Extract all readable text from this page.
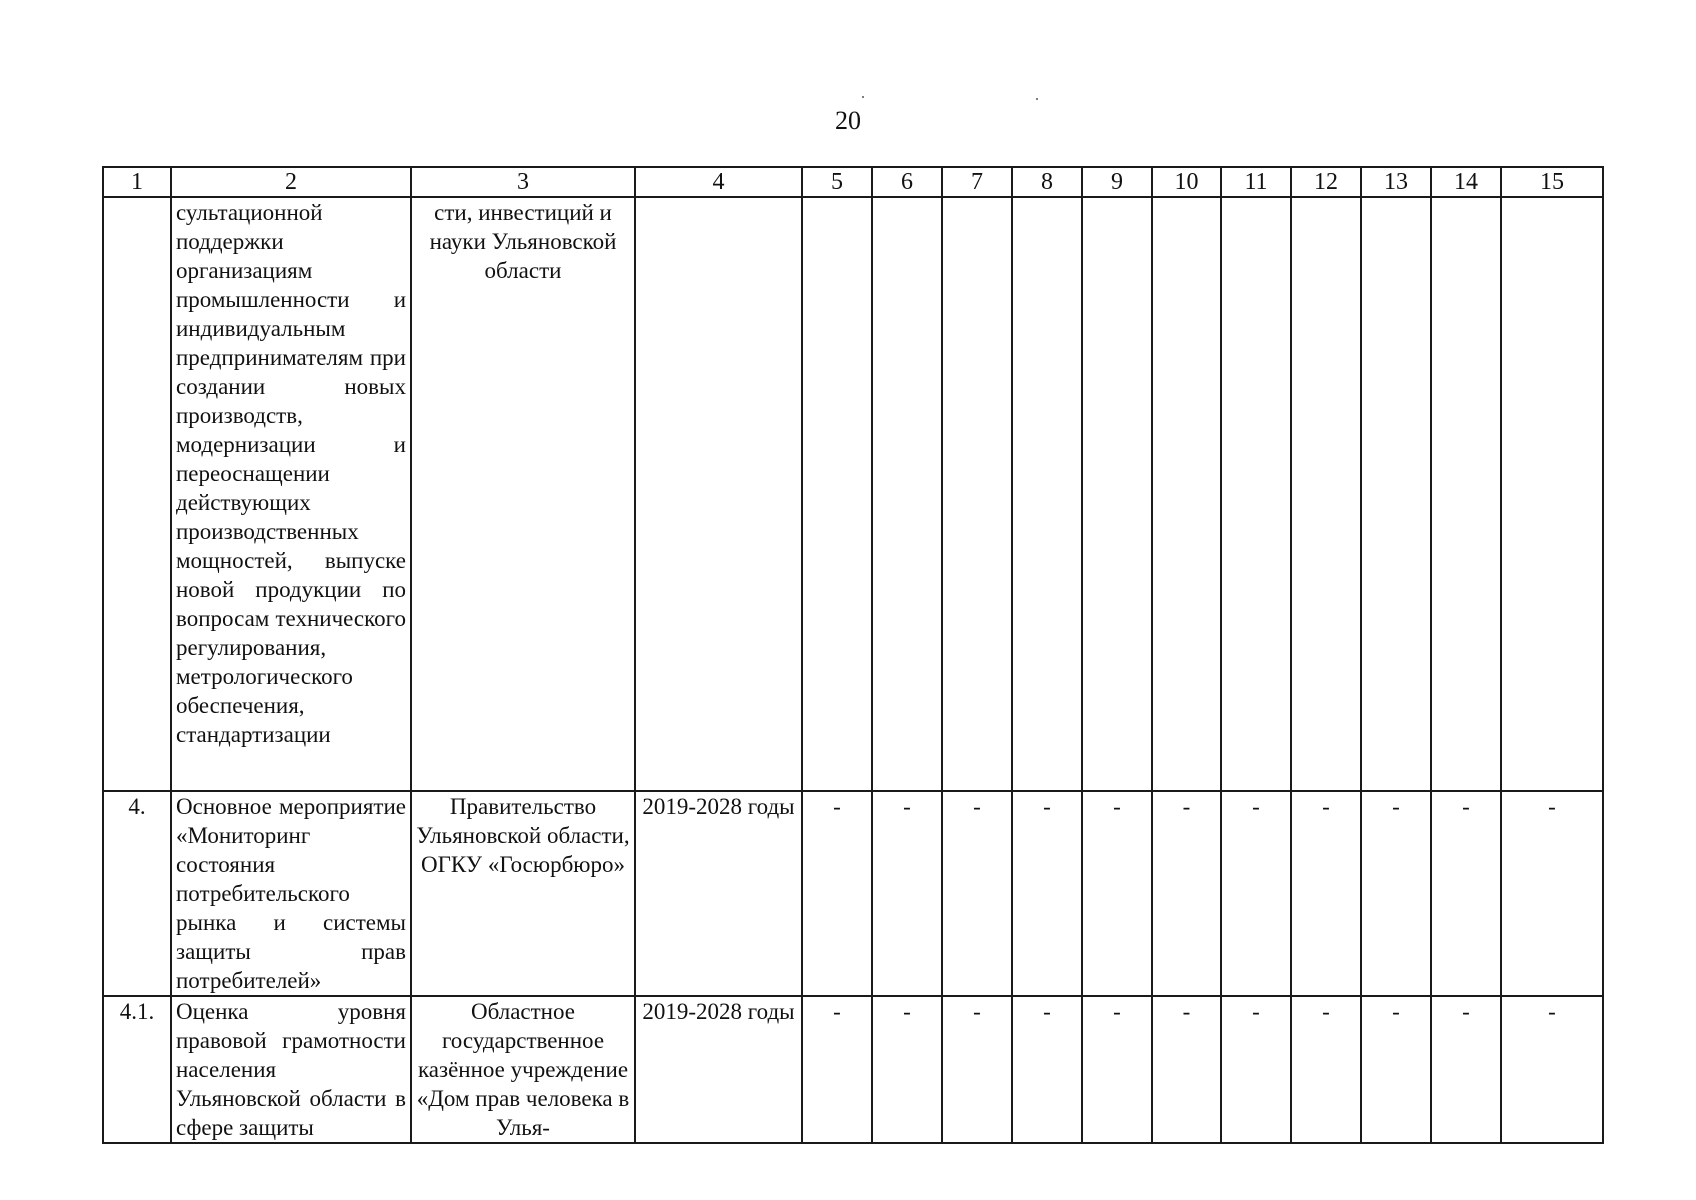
20
1	2	3	4	5	6	7	8	9	10	11	12	13	14	15
	сультационной поддержки организациям промышленности и индивидуальным предпринимателям при создании новых производств, модернизации и переоснащении действующих производственных мощностей, выпуске новой продукции по вопросам технического регулирования, метрологического обеспечения, стандартизации	сти, инвестиций и науки Ульяновской области												
4.	Основное мероприятие «Мониторинг состояния потребительского рынка и системы защиты прав потребителей»	Правительство Ульяновской области, ОГКУ «Госюрбюро»	2019-2028 годы	-	-	-	-	-	-	-	-	-	-	-
4.1.	Оценка уровня правовой грамотности населения Ульяновской области в сфере защиты	Областное государственное казённое учреждение «Дом прав человека в Улья-	2019-2028 годы	-	-	-	-	-	-	-	-	-	-	-
